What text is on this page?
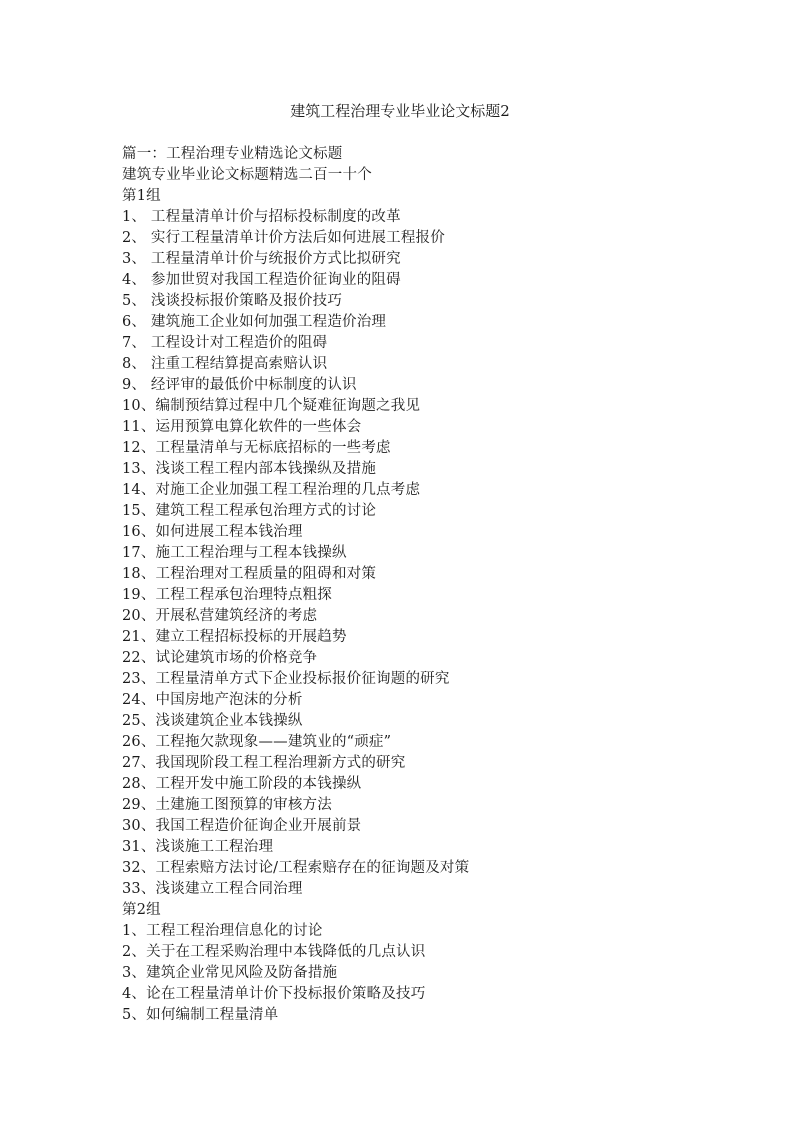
建筑工程治理专业毕业论文标题2
篇一：工程治理专业精选论文标题
建筑专业毕业论文标题精选二百一十个
第1组
1、 工程量清单计价与招标投标制度的改革
2、 实行工程量清单计价方法后如何进展工程报价
3、 工程量清单计价与统报价方式比拟研究
4、 参加世贸对我国工程造价征询业的阻碍
5、 浅谈投标报价策略及报价技巧
6、 建筑施工企业如何加强工程造价治理
7、 工程设计对工程造价的阻碍
8、 注重工程结算提高索赔认识
9、 经评审的最低价中标制度的认识
10、编制预结算过程中几个疑难征询题之我见
11、运用预算电算化软件的一些体会
12、工程量清单与无标底招标的一些考虑
13、浅谈工程工程内部本钱操纵及措施
14、对施工企业加强工程工程治理的几点考虑
15、建筑工程工程承包治理方式的讨论
16、如何进展工程本钱治理
17、施工工程治理与工程本钱操纵
18、工程治理对工程质量的阻碍和对策
19、工程工程承包治理特点粗探
20、开展私营建筑经济的考虑
21、建立工程招标投标的开展趋势
22、试论建筑市场的价格竞争
23、工程量清单方式下企业投标报价征询题的研究
24、中国房地产泡沫的分析
25、浅谈建筑企业本钱操纵
26、工程拖欠款现象——建筑业的“顽症”
27、我国现阶段工程工程治理新方式的研究
28、工程开发中施工阶段的本钱操纵
29、土建施工图预算的审核方法
30、我国工程造价征询企业开展前景
31、浅谈施工工程治理
32、工程索赔方法讨论/工程索赔存在的征询题及对策
33、浅谈建立工程合同治理
第2组
1、工程工程治理信息化的讨论
2、关于在工程采购治理中本钱降低的几点认识
3、建筑企业常见风险及防备措施
4、论在工程量清单计价下投标报价策略及技巧
5、如何编制工程量清单
